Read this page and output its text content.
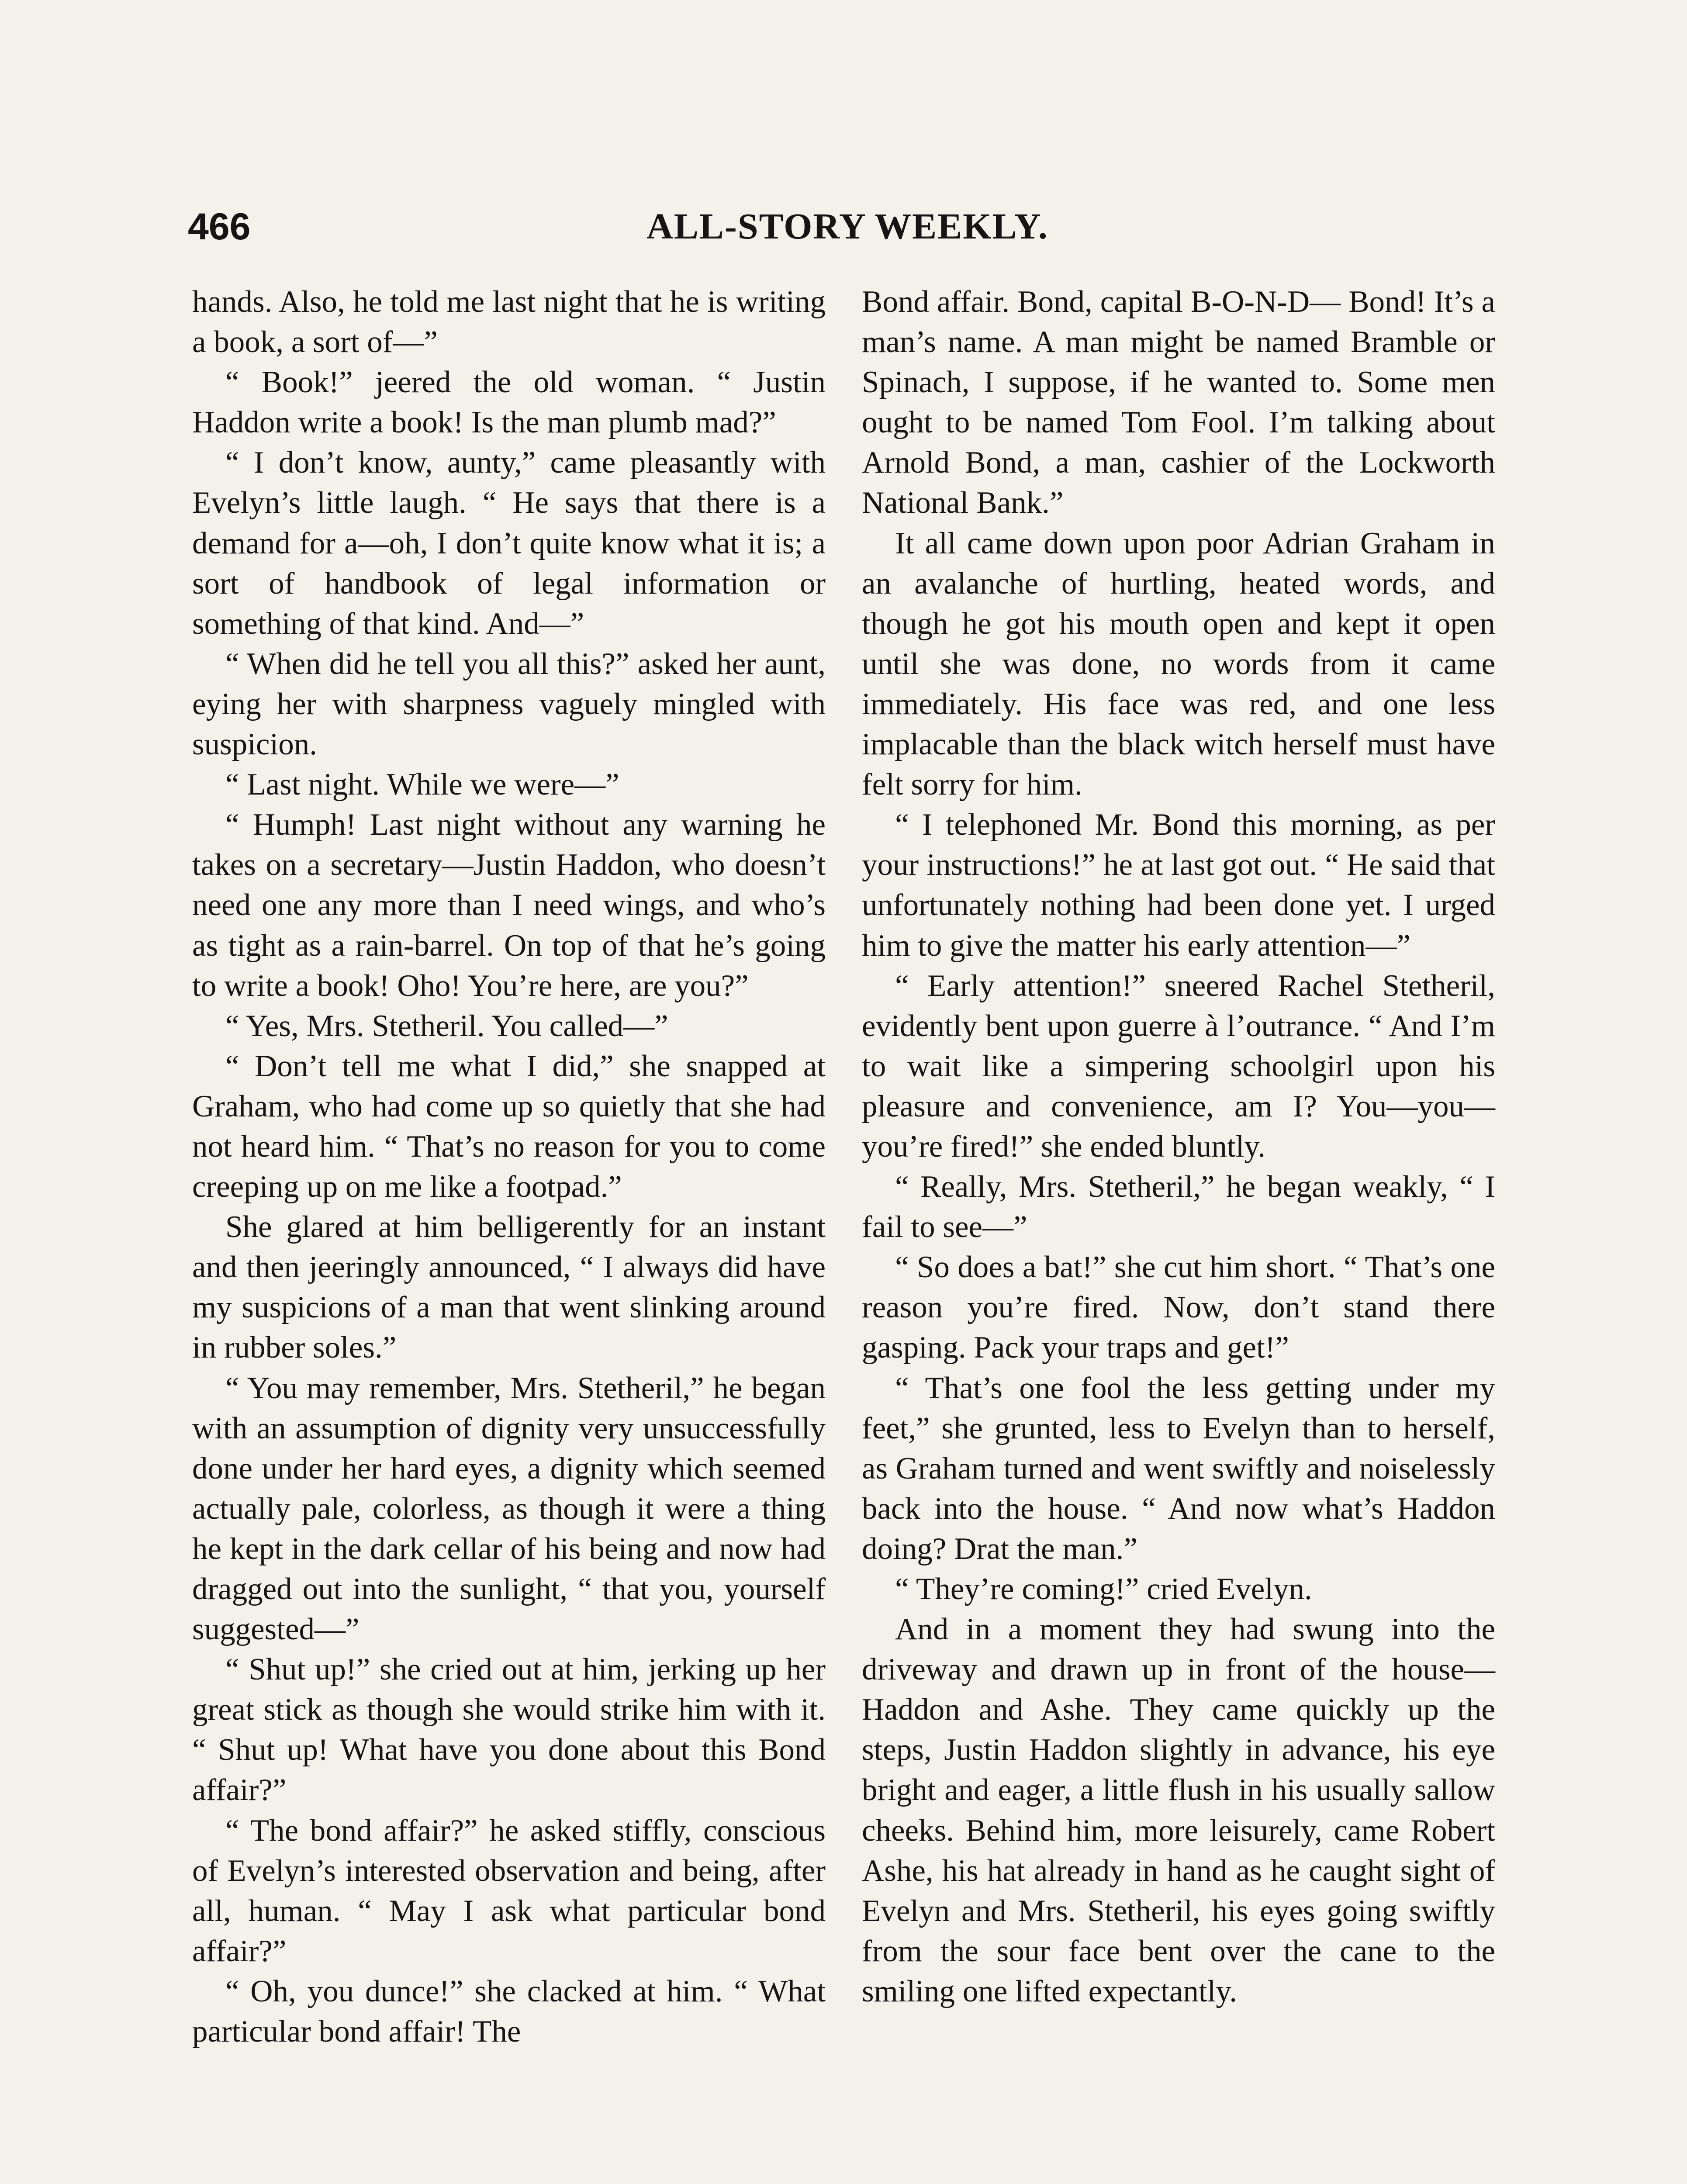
466	ALL-STORY WEEKLY.

hands. Also, he told me last night that he is writing a book, a sort of—”

“ Book!” jeered the old woman. “ Justin Haddon write a book! Is the man plumb mad?”

“ I don’t know, aunty,” came pleasantly with Evelyn’s little laugh. “ He says that there is a demand for a—oh, I don’t quite know what it is; a sort of handbook of legal information or something of that kind. And—”

“ When did he tell you all this?” asked her aunt, eying her with sharpness vaguely mingled with suspicion.

“ Last night. While we were—”

“ Humph! Last night without any warning he takes on a secretary—Justin Haddon, who doesn’t need one any more than I need wings, and who’s as tight as a rain-barrel. On top of that he’s going to write a book! Oho! You’re here, are you?”

“ Yes, Mrs. Stetheril. You called—”

“ Don’t tell me what I did,” she snapped at Graham, who had come up so quietly that she had not heard him. “ That’s no reason for you to come creeping up on me like a footpad.”

She glared at him belligerently for an instant and then jeeringly announced, “ I always did have my suspicions of a man that went slinking around in rubber soles.”

“ You may remember, Mrs. Stetheril,” he began with an assumption of dignity very unsuccessfully done under her hard eyes, a dignity which seemed actually pale, colorless, as though it were a thing he kept in the dark cellar of his being and now had dragged out into the sunlight, “ that you, yourself suggested—”

“ Shut up!” she cried out at him, jerking up her great stick as though she would strike him with it. “ Shut up! What have you done about this Bond affair?”

“ The bond affair?” he asked stiffly, conscious of Evelyn’s interested observation and being, after all, human. “ May I ask what particular bond affair?”

“ Oh, you dunce!” she clacked at him. “ What particular bond affair! The

Bond affair. Bond, capital B-O-N-D— Bond! It’s a man’s name. A man might be named Bramble or Spinach, I suppose, if he wanted to. Some men ought to be named Tom Fool. I’m talking about Arnold Bond, a man, cashier of the Lockworth National Bank.”

It all came down upon poor Adrian Graham in an avalanche of hurtling, heated words, and though he got his mouth open and kept it open until she was done, no words from it came immediately. His face was red, and one less implacable than the black witch herself must have felt sorry for him.

“ I telephoned Mr. Bond this morning, as per your instructions!” he at last got out. “ He said that unfortunately nothing had been done yet. I urged him to give the matter his early attention—”

“ Early attention!” sneered Rachel Stetheril, evidently bent upon guerre à l’outrance. “ And I’m to wait like a simpering schoolgirl upon his pleasure and convenience, am I? You—you—you’re fired!” she ended bluntly.

“ Really, Mrs. Stetheril,” he began weakly, “ I fail to see—”

“ So does a bat!” she cut him short. “ That’s one reason you’re fired. Now, don’t stand there gasping. Pack your traps and get!”

“ That’s one fool the less getting under my feet,” she grunted, less to Evelyn than to herself, as Graham turned and went swiftly and noiselessly back into the house. “ And now what’s Haddon doing? Drat the man.”

“ They’re coming!” cried Evelyn.

And in a moment they had swung into the driveway and drawn up in front of the house—Haddon and Ashe. They came quickly up the steps, Justin Haddon slightly in advance, his eye bright and eager, a little flush in his usually sallow cheeks. Behind him, more leisurely, came Robert Ashe, his hat already in hand as he caught sight of Evelyn and Mrs. Stetheril, his eyes going swiftly from the sour face bent over the cane to the smiling one lifted expectantly.
